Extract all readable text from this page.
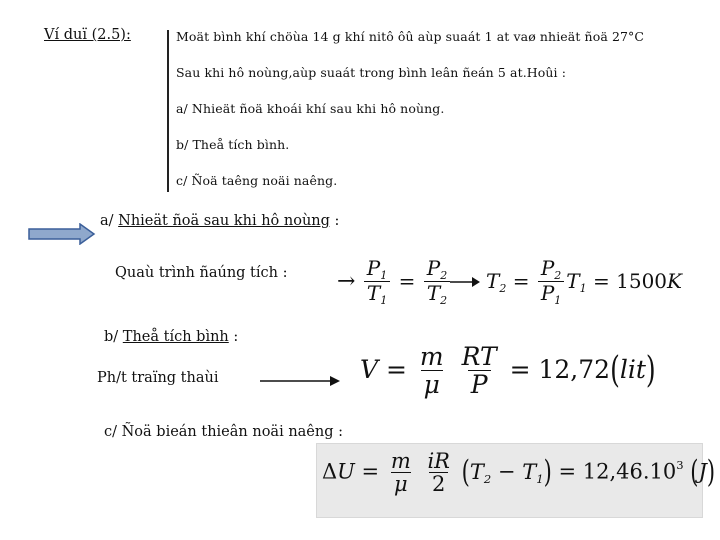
Ví duï (2.5):	Moät bình khí chöùa 14 g khí nitô ôû aùp suaát 1 at vaø nhieät ñoä 27°C
Sau khi hô noùng,aùp suaát trong bình leân ñeán 5 at.Hoûi :
a/ Nhieät ñoä khoái khí sau khi hô noùng.
b/ Theå tích bình.
c/ Ñoä taêng noäi naêng.
a/ Nhieät ñoä sau khi hô noùng :
Quaù trình ñaúng tích : → $\frac{P_1}{T_1} = \frac{P_2}{T_2} T_2 = \frac{P_2}{P_1} T_1 = 1500K$
b/ Theå tích bình :
Ph/t traïng thaùi	$V = \frac{m}{\mu}$
$\frac{RT}{P} = 12,72(lit)$
c/ Ñoä bieán thieân noäi naêng :
$\Delta U = \frac{m}{\mu}$
$\frac{iR}{2} (T_2 - T_1) = 12,46.10^3$ (J)
